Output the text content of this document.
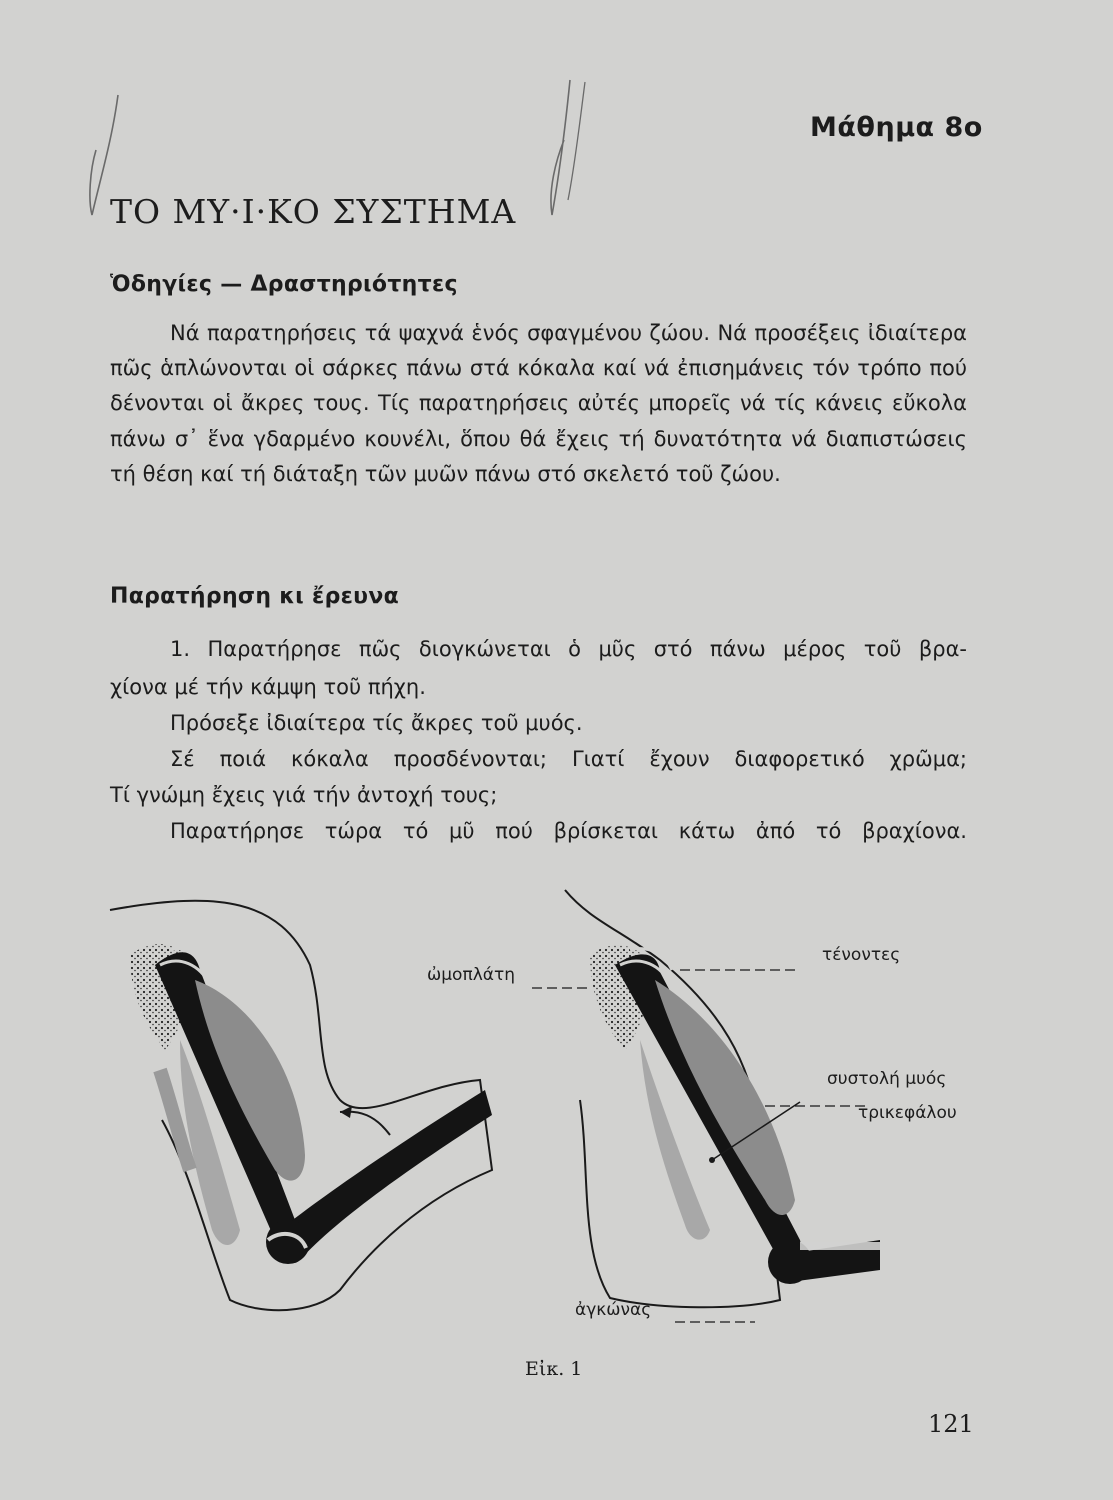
Μάθημα 8ο
ΤΟ ΜΥ·Ι·ΚΟ ΣΥΣΤΗΜΑ
Ὁδηγίες — Δραστηριότητες

Νά παρατηρήσεις τά ψαχνά ἑνός σφαγμένου ζώου. Νά προσέξεις ἰδιαίτερα πῶς ἁπλώνονται οἱ σάρκες πάνω στά κόκαλα καί νά ἐπισημάνεις τόν τρόπο πού δένονται οἱ ἄκρες τους. Τίς παρατηρήσεις αὐτές μπορεῖς νά τίς κάνεις εὔκολα πάνω σ᾽ ἕνα γδαρμένο κουνέλι, ὅπου θά ἔχεις τή δυνατότητα νά διαπιστώσεις τή θέση καί τή διάταξη τῶν μυῶν πάνω στό σκελετό τοῦ ζώου.

Παρατήρηση κι ἔρευνα

1. Παρατήρησε πῶς διογκώνεται ὁ μῦς στό πάνω μέρος τοῦ βρα-

χίονα μέ τήν κάμψη τοῦ πήχη.

Πρόσεξε ἰδιαίτερα τίς ἄκρες τοῦ μυός.

Σέ ποιά κόκαλα προσδένονται; Γιατί ἔχουν διαφορετικό χρῶμα;

Τί γνώμη ἔχεις γιά τήν ἀντοχή τους;

Παρατήρησε τώρα τό μῦ πού βρίσκεται κάτω ἀπό τό βραχίονα.

ὠμοπλάτη
τένοντες
συστολή μυός
τρικεφάλου
ἀγκώνας
Εἰκ. 1
121
